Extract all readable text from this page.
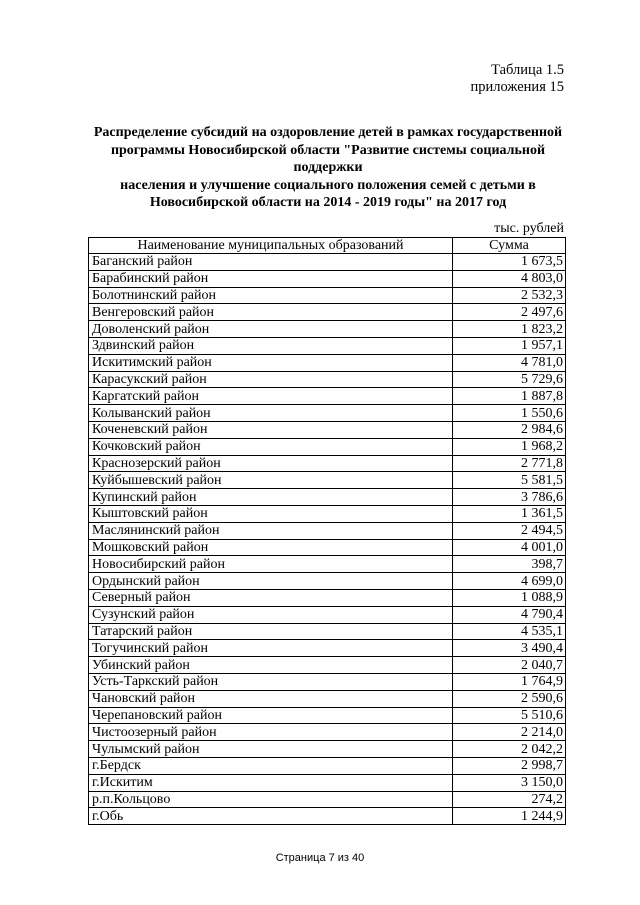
Таблица 1.5
приложения 15
Распределение субсидий на оздоровление детей в рамках государственной
программы Новосибирской области "Развитие системы социальной поддержки
населения и улучшение социального положения семей с детьми в
Новосибирской области на 2014 - 2019 годы" на 2017 год
тыс. рублей
Наименование муниципальных образований	Сумма
Баганский район	1 673,5
Барабинский район	4 803,0
Болотнинский район	2 532,3
Венгеровский район	2 497,6
Доволенский район	1 823,2
Здвинский район	1 957,1
Искитимский район	4 781,0
Карасукский район	5 729,6
Каргатский район	1 887,8
Колыванский район	1 550,6
Коченевский район	2 984,6
Кочковский район	1 968,2
Краснозерский район	2 771,8
Куйбышевский район	5 581,5
Купинский район	3 786,6
Кыштовский район	1 361,5
Маслянинский район	2 494,5
Мошковский район	4 001,0
Новосибирский район	398,7
Ордынский район	4 699,0
Северный район	1 088,9
Сузунский район	4 790,4
Татарский район	4 535,1
Тогучинский район	3 490,4
Убинский район	2 040,7
Усть-Таркский район	1 764,9
Чановский район	2 590,6
Черепановский район	5 510,6
Чистоозерный район	2 214,0
Чулымский район	2 042,2
г.Бердск	2 998,7
г.Искитим	3 150,0
р.п.Кольцово	274,2
г.Обь	1 244,9
Страница 7 из 40
